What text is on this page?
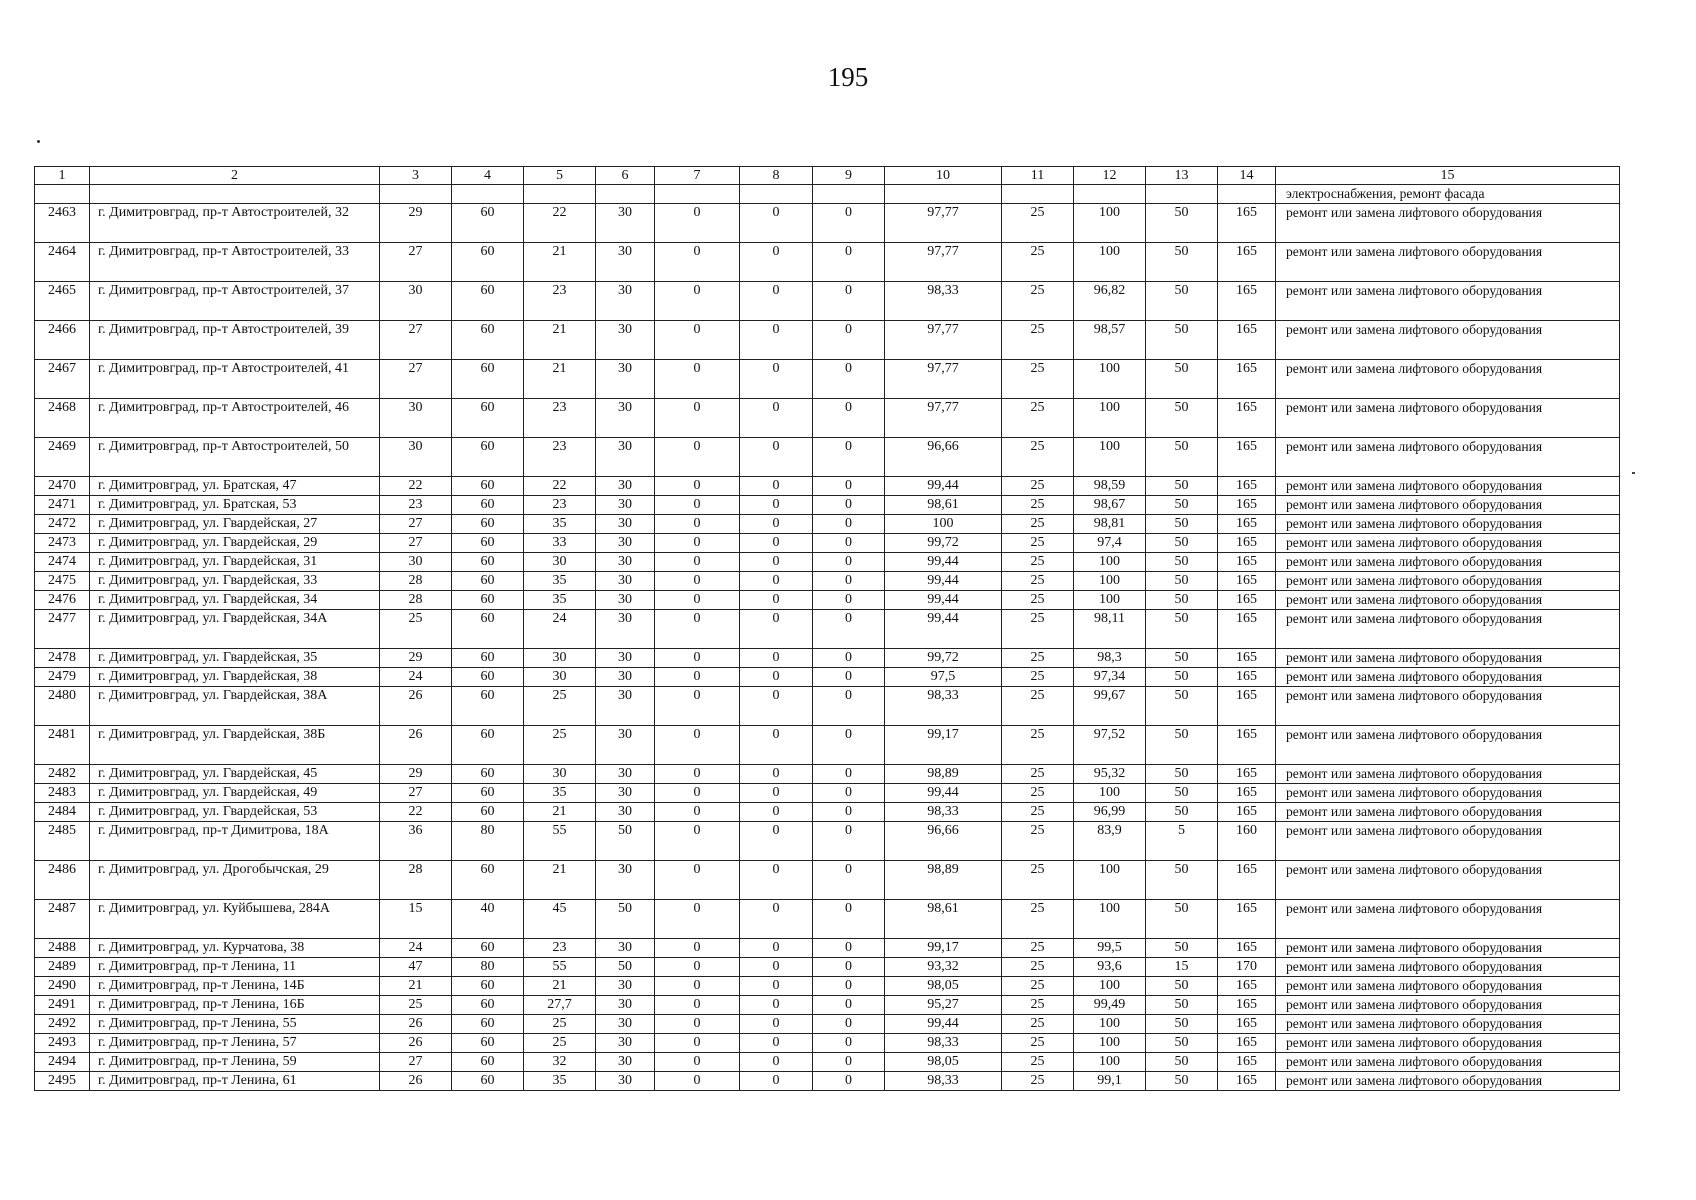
195
1	2	3	4	5	6	7	8	9	10	11	12	13	14	15
														электроснабжения, ремонт фасада
2463	г. Димитровград, пр-т Автостроителей, 32	29	60	22	30	0	0	0	97,77	25	100	50	165	ремонт или замена лифтового оборудования
2464	г. Димитровград, пр-т Автостроителей, 33	27	60	21	30	0	0	0	97,77	25	100	50	165	ремонт или замена лифтового оборудования
2465	г. Димитровград, пр-т Автостроителей, 37	30	60	23	30	0	0	0	98,33	25	96,82	50	165	ремонт или замена лифтового оборудования
2466	г. Димитровград, пр-т Автостроителей, 39	27	60	21	30	0	0	0	97,77	25	98,57	50	165	ремонт или замена лифтового оборудования
2467	г. Димитровград, пр-т Автостроителей, 41	27	60	21	30	0	0	0	97,77	25	100	50	165	ремонт или замена лифтового оборудования
2468	г. Димитровград, пр-т Автостроителей, 46	30	60	23	30	0	0	0	97,77	25	100	50	165	ремонт или замена лифтового оборудования
2469	г. Димитровград, пр-т Автостроителей, 50	30	60	23	30	0	0	0	96,66	25	100	50	165	ремонт или замена лифтового оборудования
2470	г. Димитровград, ул. Братская, 47	22	60	22	30	0	0	0	99,44	25	98,59	50	165	ремонт или замена лифтового оборудования
2471	г. Димитровград, ул. Братская, 53	23	60	23	30	0	0	0	98,61	25	98,67	50	165	ремонт или замена лифтового оборудования
2472	г. Димитровград, ул. Гвардейская, 27	27	60	35	30	0	0	0	100	25	98,81	50	165	ремонт или замена лифтового оборудования
2473	г. Димитровград, ул. Гвардейская, 29	27	60	33	30	0	0	0	99,72	25	97,4	50	165	ремонт или замена лифтового оборудования
2474	г. Димитровград, ул. Гвардейская, 31	30	60	30	30	0	0	0	99,44	25	100	50	165	ремонт или замена лифтового оборудования
2475	г. Димитровград, ул. Гвардейская, 33	28	60	35	30	0	0	0	99,44	25	100	50	165	ремонт или замена лифтового оборудования
2476	г. Димитровград, ул. Гвардейская, 34	28	60	35	30	0	0	0	99,44	25	100	50	165	ремонт или замена лифтового оборудования
2477	г. Димитровград, ул. Гвардейская, 34А	25	60	24	30	0	0	0	99,44	25	98,11	50	165	ремонт или замена лифтового оборудования
2478	г. Димитровград, ул. Гвардейская, 35	29	60	30	30	0	0	0	99,72	25	98,3	50	165	ремонт или замена лифтового оборудования
2479	г. Димитровград, ул. Гвардейская, 38	24	60	30	30	0	0	0	97,5	25	97,34	50	165	ремонт или замена лифтового оборудования
2480	г. Димитровград, ул. Гвардейская, 38А	26	60	25	30	0	0	0	98,33	25	99,67	50	165	ремонт или замена лифтового оборудования
2481	г. Димитровград, ул. Гвардейская, 38Б	26	60	25	30	0	0	0	99,17	25	97,52	50	165	ремонт или замена лифтового оборудования
2482	г. Димитровград, ул. Гвардейская, 45	29	60	30	30	0	0	0	98,89	25	95,32	50	165	ремонт или замена лифтового оборудования
2483	г. Димитровград, ул. Гвардейская, 49	27	60	35	30	0	0	0	99,44	25	100	50	165	ремонт или замена лифтового оборудования
2484	г. Димитровград, ул. Гвардейская, 53	22	60	21	30	0	0	0	98,33	25	96,99	50	165	ремонт или замена лифтового оборудования
2485	г. Димитровград, пр-т Димитрова, 18А	36	80	55	50	0	0	0	96,66	25	83,9	5	160	ремонт или замена лифтового оборудования
2486	г. Димитровград, ул. Дрогобычская, 29	28	60	21	30	0	0	0	98,89	25	100	50	165	ремонт или замена лифтового оборудования
2487	г. Димитровград, ул. Куйбышева, 284А	15	40	45	50	0	0	0	98,61	25	100	50	165	ремонт или замена лифтового оборудования
2488	г. Димитровград, ул. Курчатова, 38	24	60	23	30	0	0	0	99,17	25	99,5	50	165	ремонт или замена лифтового оборудования
2489	г. Димитровград, пр-т Ленина, 11	47	80	55	50	0	0	0	93,32	25	93,6	15	170	ремонт или замена лифтового оборудования
2490	г. Димитровград, пр-т Ленина, 14Б	21	60	21	30	0	0	0	98,05	25	100	50	165	ремонт или замена лифтового оборудования
2491	г. Димитровград, пр-т Ленина, 16Б	25	60	27,7	30	0	0	0	95,27	25	99,49	50	165	ремонт или замена лифтового оборудования
2492	г. Димитровград, пр-т Ленина, 55	26	60	25	30	0	0	0	99,44	25	100	50	165	ремонт или замена лифтового оборудования
2493	г. Димитровград, пр-т Ленина, 57	26	60	25	30	0	0	0	98,33	25	100	50	165	ремонт или замена лифтового оборудования
2494	г. Димитровград, пр-т Ленина, 59	27	60	32	30	0	0	0	98,05	25	100	50	165	ремонт или замена лифтового оборудования
2495	г. Димитровград, пр-т Ленина, 61	26	60	35	30	0	0	0	98,33	25	99,1	50	165	ремонт или замена лифтового оборудования
